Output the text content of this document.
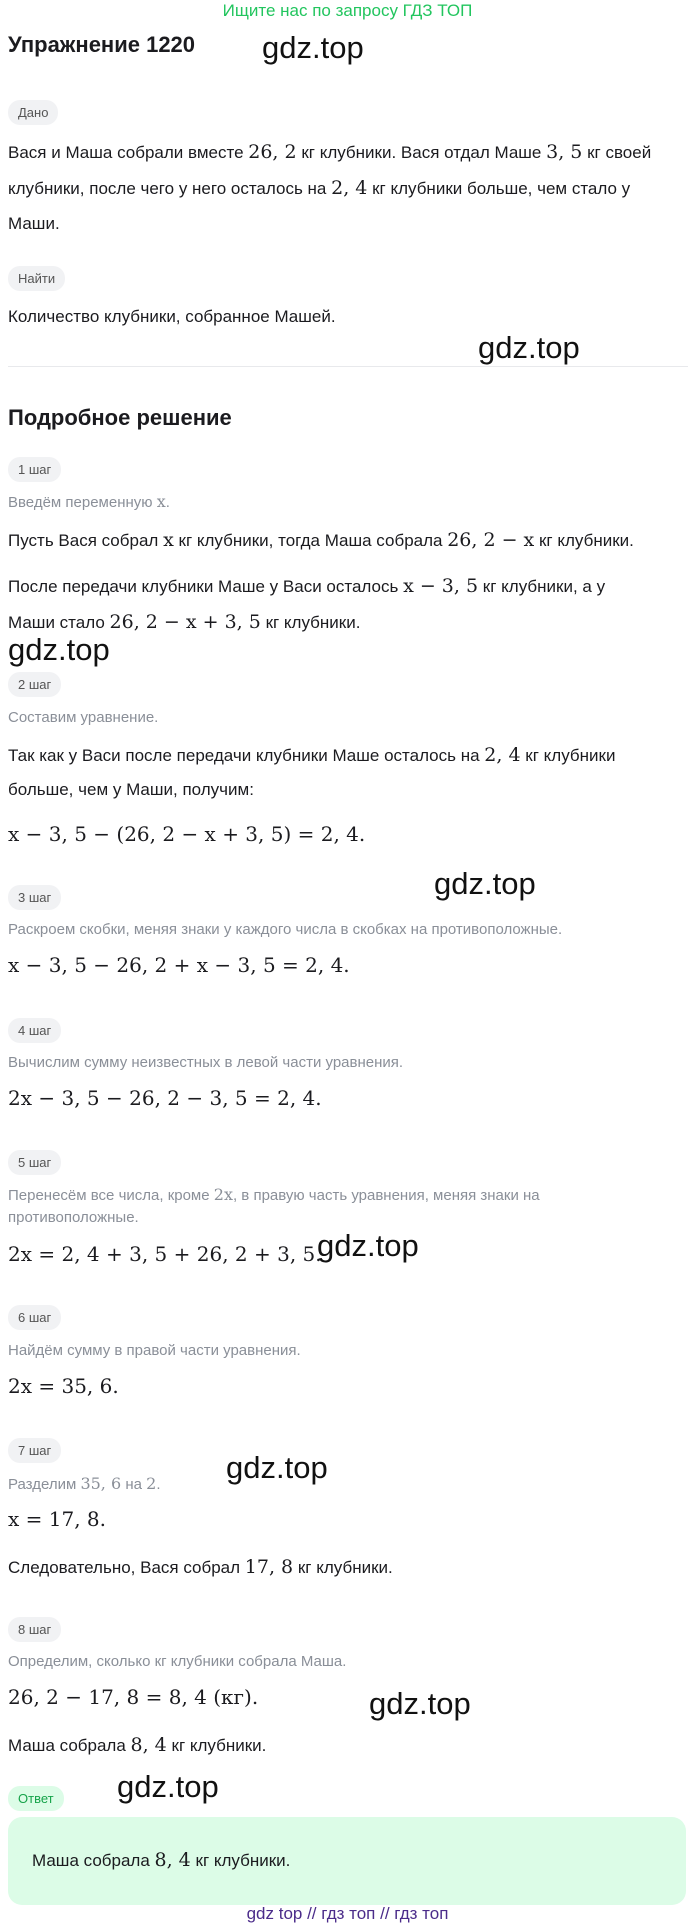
Ищите нас по запросу ГДЗ ТОП
Упражнение 1220 gdz.top
gdz.top
gdz.top
gdz.top
gdz.top
gdz.top
gdz.top
gdz.top
Дано
Вася и Маша собрали вместе 26, 2 кг клубники. Вася отдал Маше 3, 5 кг своей
клубники, после чего у него осталось на 2, 4 кг клубники больше, чем стало у
Маши.
Найти
Количество клубники, собранное Машей.
Подробное решение
1 шаг
Введём переменную x.
Пусть Вася собрал x кг клубники, тогда Маша собрала 26, 2 − x кг клубники.
После передачи клубники Маше у Васи осталось x − 3, 5 кг клубники, а у
Маши стало 26, 2 − x + 3, 5 кг клубники.
2 шаг
Составим уравнение.
Так как у Васи после передачи клубники Маше осталось на 2, 4 кг клубники
больше, чем у Маши, получим:
x − 3, 5 − (26, 2 − x + 3, 5) = 2, 4.
3 шаг
Раскроем скобки, меняя знаки у каждого числа в скобках на противоположные.
x − 3, 5 − 26, 2 + x − 3, 5 = 2, 4.
4 шаг
Вычислим сумму неизвестных в левой части уравнения.
2x − 3, 5 − 26, 2 − 3, 5 = 2, 4.
5 шаг
Перенесём все числа, кроме 2x, в правую часть уравнения, меняя знаки на
противоположные.
2x = 2, 4 + 3, 5 + 26, 2 + 3, 5.
6 шаг
Найдём сумму в правой части уравнения.
2x = 35, 6.
7 шаг
Разделим 35, 6 на 2.
x = 17, 8.
Следовательно, Вася собрал 17, 8 кг клубники.
8 шаг
Определим, сколько кг клубники собрала Маша.
26, 2 − 17, 8 = 8, 4 (кг).
Маша собрала 8, 4 кг клубники.
Ответ
Маша собрала 8, 4 кг клубники.
gdz top // гдз топ // гдз топ
